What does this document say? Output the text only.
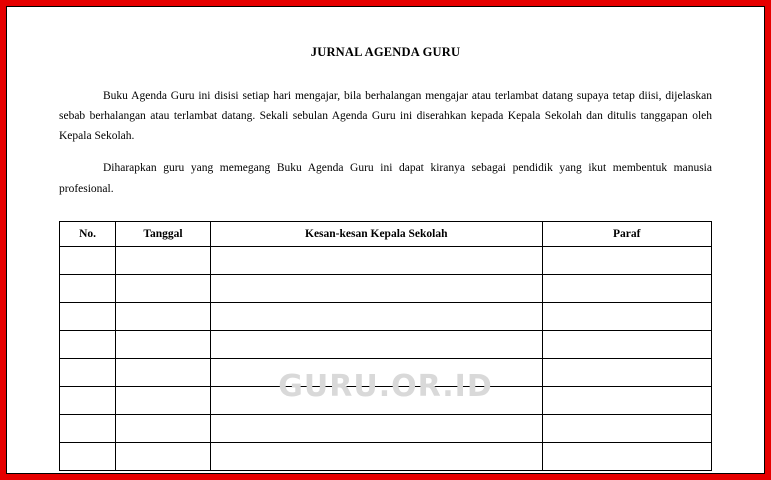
JURNAL AGENDA GURU

Buku Agenda Guru ini disisi setiap hari mengajar, bila berhalangan mengajar atau terlambat datang supaya tetap diisi, dijelaskan sebab berhalangan atau terlambat datang. Sekali sebulan Agenda Guru ini diserahkan kepada Kepala Sekolah dan ditulis tanggapan oleh Kepala Sekolah.

Diharapkan guru yang memegang Buku Agenda Guru ini dapat kiranya sebagai pendidik yang ikut membentuk manusia profesional.

No.	Tanggal	Kesan-kesan Kepala Sekolah	Paraf

GURU.OR.ID
